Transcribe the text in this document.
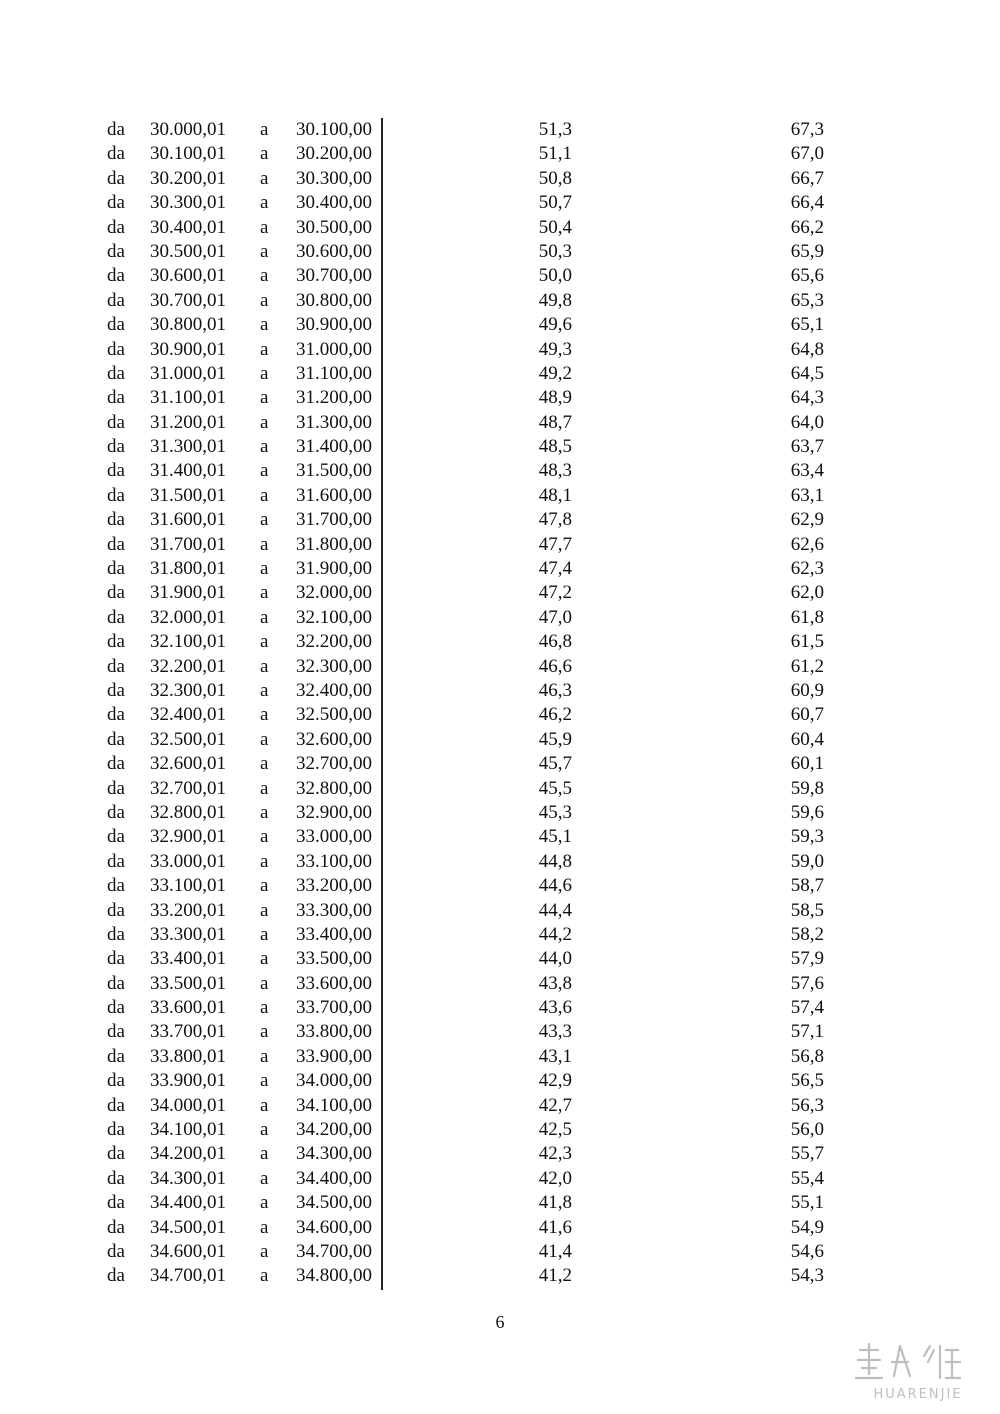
da 30.000,01 a 30.100,00	51,3	67,3
da 30.100,01 a 30.200,00	51,1	67,0
da 30.200,01 a 30.300,00	50,8	66,7
da 30.300,01 a 30.400,00	50,7	66,4
da 30.400,01 a 30.500,00	50,4	66,2
da 30.500,01 a 30.600,00	50,3	65,9
da 30.600,01 a 30.700,00	50,0	65,6
da 30.700,01 a 30.800,00	49,8	65,3
da 30.800,01 a 30.900,00	49,6	65,1
da 30.900,01 a 31.000,00	49,3	64,8
da 31.000,01 a 31.100,00	49,2	64,5
da 31.100,01 a 31.200,00	48,9	64,3
da 31.200,01 a 31.300,00	48,7	64,0
da 31.300,01 a 31.400,00	48,5	63,7
da 31.400,01 a 31.500,00	48,3	63,4
da 31.500,01 a 31.600,00	48,1	63,1
da 31.600,01 a 31.700,00	47,8	62,9
da 31.700,01 a 31.800,00	47,7	62,6
da 31.800,01 a 31.900,00	47,4	62,3
da 31.900,01 a 32.000,00	47,2	62,0
da 32.000,01 a 32.100,00	47,0	61,8
da 32.100,01 a 32.200,00	46,8	61,5
da 32.200,01 a 32.300,00	46,6	61,2
da 32.300,01 a 32.400,00	46,3	60,9
da 32.400,01 a 32.500,00	46,2	60,7
da 32.500,01 a 32.600,00	45,9	60,4
da 32.600,01 a 32.700,00	45,7	60,1
da 32.700,01 a 32.800,00	45,5	59,8
da 32.800,01 a 32.900,00	45,3	59,6
da 32.900,01 a 33.000,00	45,1	59,3
da 33.000,01 a 33.100,00	44,8	59,0
da 33.100,01 a 33.200,00	44,6	58,7
da 33.200,01 a 33.300,00	44,4	58,5
da 33.300,01 a 33.400,00	44,2	58,2
da 33.400,01 a 33.500,00	44,0	57,9
da 33.500,01 a 33.600,00	43,8	57,6
da 33.600,01 a 33.700,00	43,6	57,4
da 33.700,01 a 33.800,00	43,3	57,1
da 33.800,01 a 33.900,00	43,1	56,8
da 33.900,01 a 34.000,00	42,9	56,5
da 34.000,01 a 34.100,00	42,7	56,3
da 34.100,01 a 34.200,00	42,5	56,0
da 34.200,01 a 34.300,00	42,3	55,7
da 34.300,01 a 34.400,00	42,0	55,4
da 34.400,01 a 34.500,00	41,8	55,1
da 34.500,01 a 34.600,00	41,6	54,9
da 34.600,01 a 34.700,00	41,4	54,6
da 34.700,01 a 34.800,00	41,2	54,3
6
HUARENJIE
